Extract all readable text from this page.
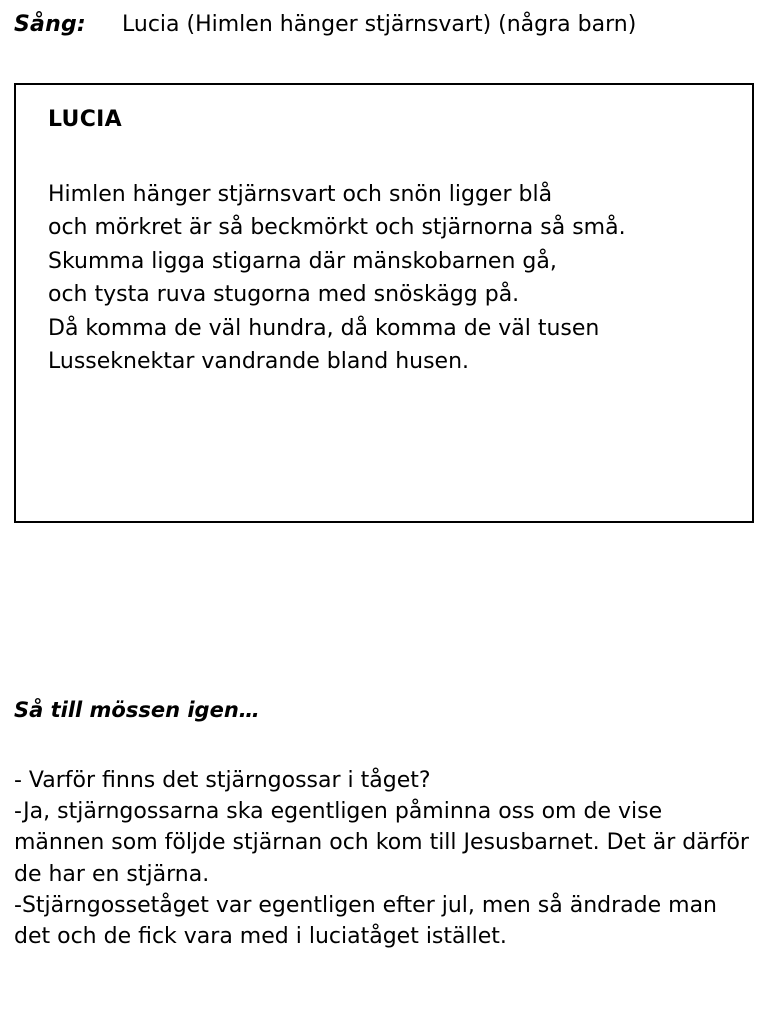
Sång:	Lucia (Himlen hänger stjärnsvart) (några barn)
LUCIA
Himlen hänger stjärnsvart och snön ligger blå
och mörkret är så beckmörkt och stjärnorna så små.
Skumma ligga stigarna där mänskobarnen gå,
och tysta ruva stugorna med snöskägg på.
Då komma de väl hundra, då komma de väl tusen
Lusseknektar vandrande bland husen.
Så till mössen igen…

- Varför finns det stjärngossar i tåget?

-Ja, stjärngossarna ska egentligen påminna oss om de vise männen som följde stjärnan och kom till Jesusbarnet. Det är därför de har en stjärna.

-Stjärngossetåget var egentligen efter jul, men så ändrade man det och de fick vara med i luciatåget istället.
